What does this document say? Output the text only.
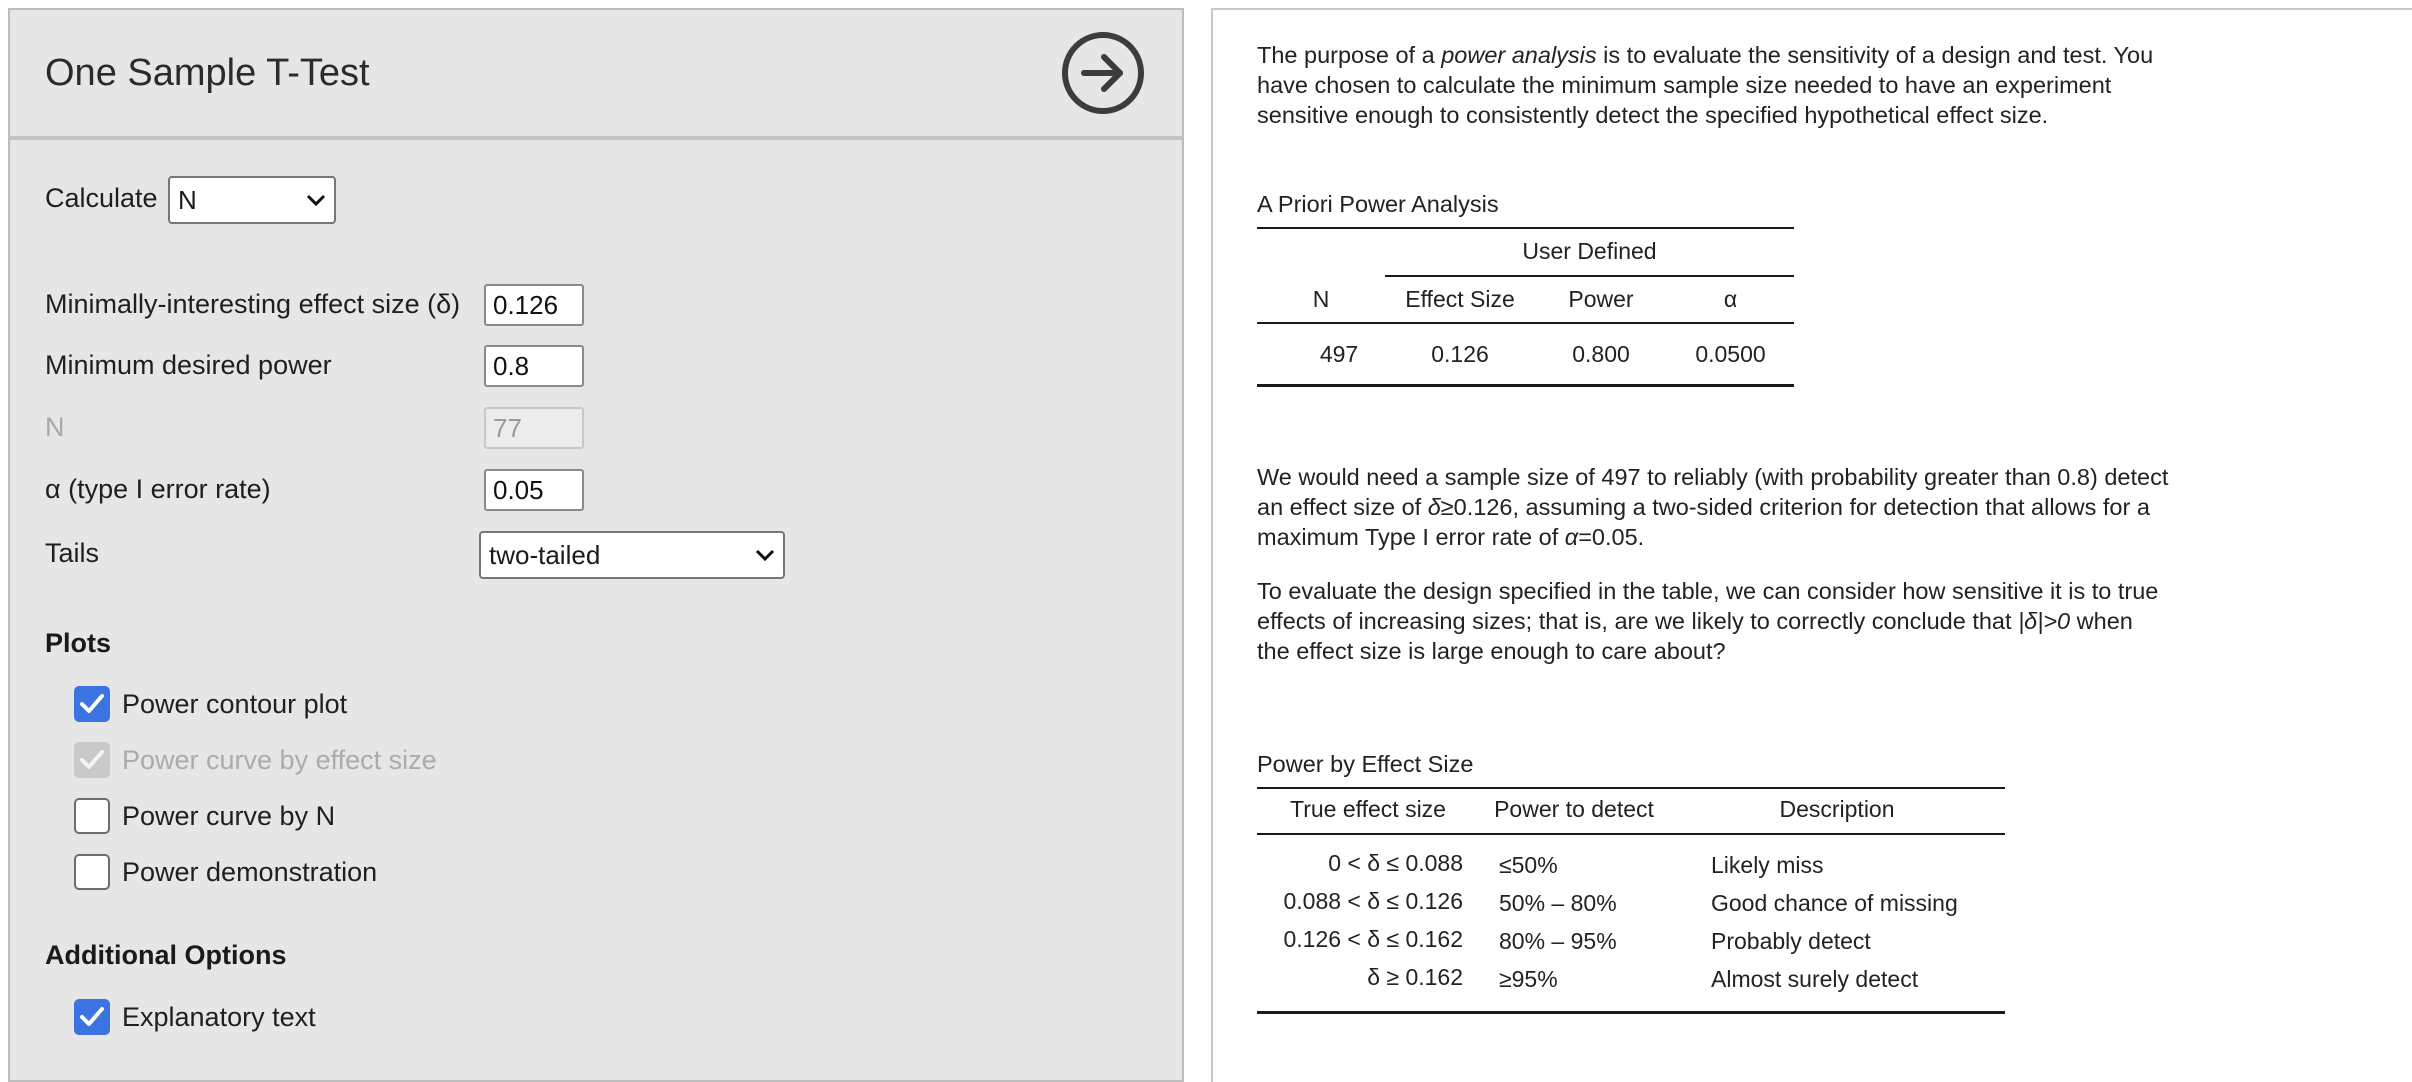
One Sample T-Test
Calculate N
Minimally-interesting effect size (δ)
0.126
Minimum desired power
0.8
N
77
α (type I error rate)
0.05
Tails	two-tailed
Plots
Power contour plot
Power curve by effect size
Power curve by N
Power demonstration
Additional Options
Explanatory text
The purpose of a power analysis is to evaluate the sensitivity of a design and test. You
have chosen to calculate the minimum sample size needed to have an experiment
sensitive enough to consistently detect the specified hypothetical effect size.
A Priori Power Analysis
User Defined
N	Effect Size	Power	α
497	0.126	0.800	0.0500
We would need a sample size of 497 to reliably (with probability greater than 0.8) detect
an effect size of δ≥0.126, assuming a two-sided criterion for detection that allows for a
maximum Type I error rate of α=0.05.
To evaluate the design specified in the table, we can consider how sensitive it is to true
effects of increasing sizes; that is, are we likely to correctly conclude that |δ|>0 when
the effect size is large enough to care about?
Power by Effect Size
True effect size	Power to detect	Description
0 < δ ≤ 0.088 ≤50%	Likely miss
0.088 < δ ≤ 0.126 50% – 80%	Good chance of missing
0.126 < δ ≤ 0.162 80% – 95%	Probably detect
δ ≥ 0.162 ≥95%	Almost surely detect
